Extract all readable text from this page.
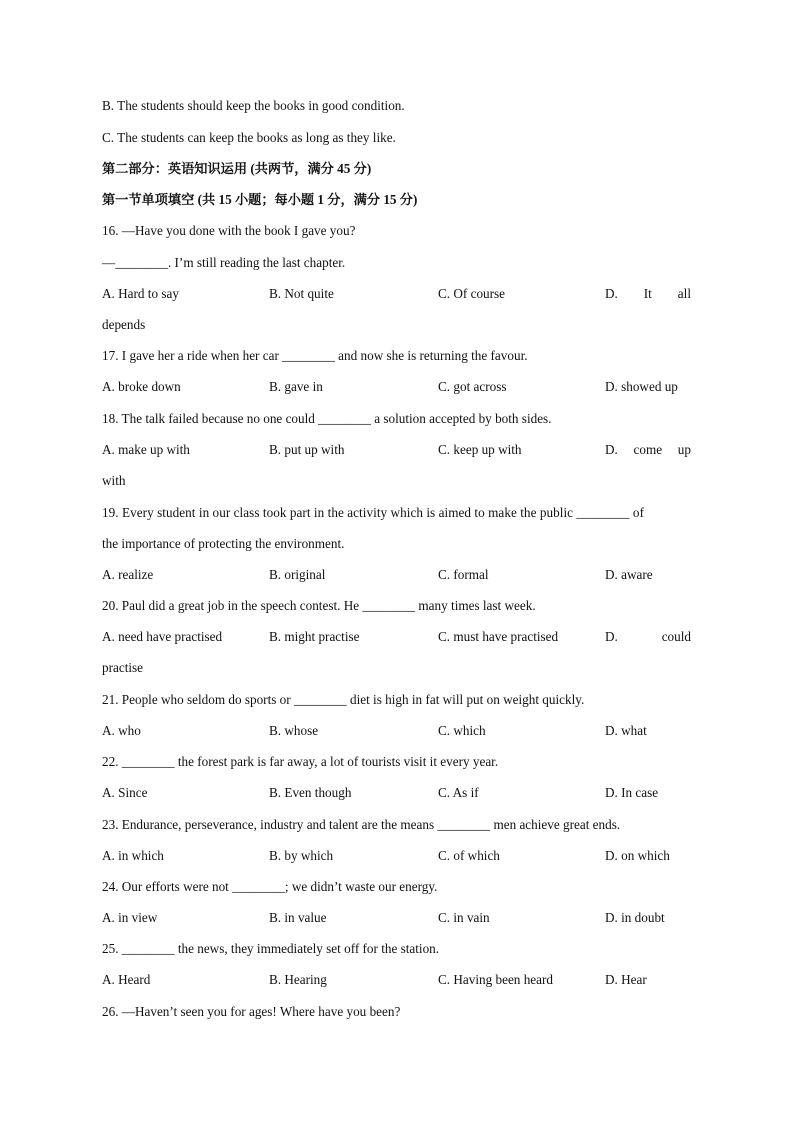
B. The students should keep the books in good condition.
C. The students can keep the books as long as they like.
第二部分：英语知识运用 (共两节，满分 45 分)
第一节单项填空 (共 15 小题；每小题 1 分，满分 15 分)
16. —Have you done with the book I gave you?
—________. I’m still reading the last chapter.
A. Hard to say	B. Not quite	C. Of course	D. It all
depends
17. I gave her a ride when her car ________ and now she is returning the favour.
A. broke down	B. gave in	C. got across	D. showed up
18. The talk failed because no one could ________ a solution accepted by both sides.
A. make up with	B. put up with	C. keep up with	D. come up
with
19. Every student in our class took part in the activity which is aimed to make the public ________ of
the importance of protecting the environment.
A. realize	B. original	C. formal	D. aware
20. Paul did a great job in the speech contest. He ________ many times last week.
A. need have practised	B. might practise	C. must have practised	D.	could
practise
21. People who seldom do sports or ________ diet is high in fat will put on weight quickly.
A. who	B. whose	C. which	D. what
22. ________ the forest park is far away, a lot of tourists visit it every year.
A. Since	B. Even though	C. As if	D. In case
23. Endurance, perseverance, industry and talent are the means ________ men achieve great ends.
A. in which	B. by which	C. of which	D. on which
24. Our efforts were not ________; we didn’t waste our energy.
A. in view	B. in value	C. in vain	D. in doubt
25. ________ the news, they immediately set off for the station.
A. Heard	B. Hearing	C. Having been heard	D. Hear
26. —Haven’t seen you for ages! Where have you been?
